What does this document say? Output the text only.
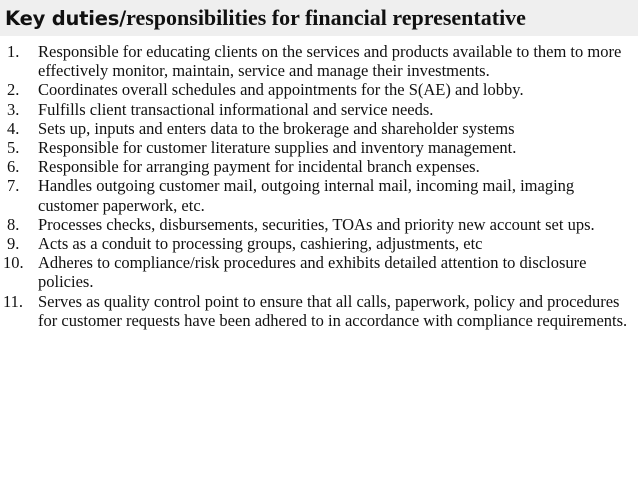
Key duties/responsibilities for financial representative
1. Responsible for educating clients on the services and products available to them to more effectively monitor, maintain, service and manage their investments.
2. Coordinates overall schedules and appointments for the S(AE) and lobby.
3. Fulfills client transactional informational and service needs.
4. Sets up, inputs and enters data to the brokerage and shareholder systems
5. Responsible for customer literature supplies and inventory management.
6. Responsible for arranging payment for incidental branch expenses.
7. Handles outgoing customer mail, outgoing internal mail, incoming mail, imaging customer paperwork, etc.
8. Processes checks, disbursements, securities, TOAs and priority new account set ups.
9. Acts as a conduit to processing groups, cashiering, adjustments, etc
10. Adheres to compliance/risk procedures and exhibits detailed attention to disclosure policies.
11. Serves as quality control point to ensure that all calls, paperwork, policy and procedures for customer requests have been adhered to in accordance with compliance requirements.
